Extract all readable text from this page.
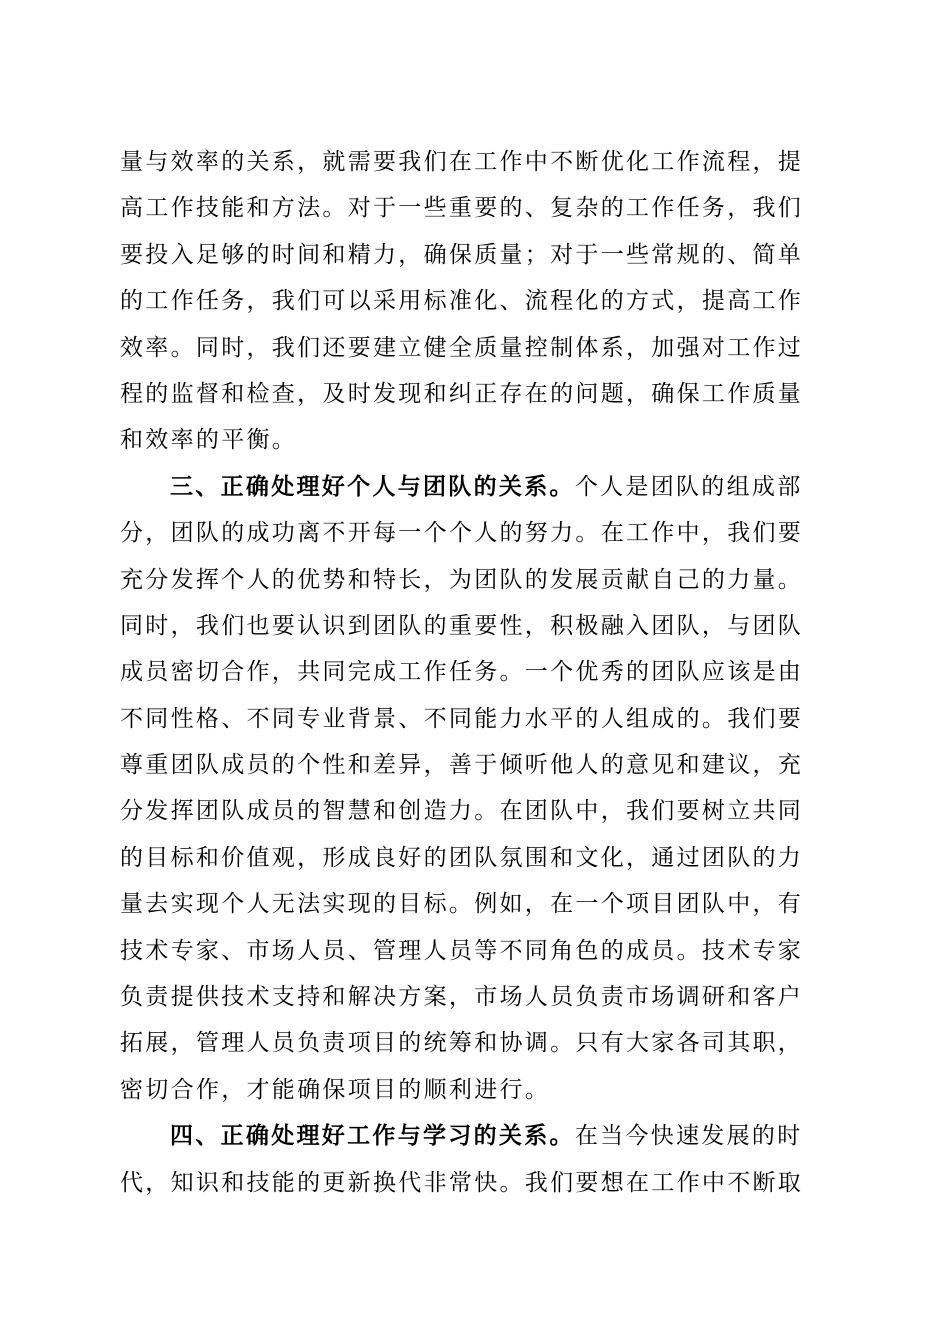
量与效率的关系，就需要我们在工作中不断优化工作流程，提
高工作技能和方法。对于一些重要的、复杂的工作任务，我们
要投入足够的时间和精力，确保质量；对于一些常规的、简单
的工作任务，我们可以采用标准化、流程化的方式，提高工作
效率。同时，我们还要建立健全质量控制体系，加强对工作过
程的监督和检查，及时发现和纠正存在的问题，确保工作质量
和效率的平衡。
三、正确处理好个人与团队的关系。个人是团队的组成部
分，团队的成功离不开每一个个人的努力。在工作中，我们要
充分发挥个人的优势和特长，为团队的发展贡献自己的力量。
同时，我们也要认识到团队的重要性，积极融入团队，与团队
成员密切合作，共同完成工作任务。一个优秀的团队应该是由
不同性格、不同专业背景、不同能力水平的人组成的。我们要
尊重团队成员的个性和差异，善于倾听他人的意见和建议，充
分发挥团队成员的智慧和创造力。在团队中，我们要树立共同
的目标和价值观，形成良好的团队氛围和文化，通过团队的力
量去实现个人无法实现的目标。例如，在一个项目团队中，有
技术专家、市场人员、管理人员等不同角色的成员。技术专家
负责提供技术支持和解决方案，市场人员负责市场调研和客户
拓展，管理人员负责项目的统筹和协调。只有大家各司其职，
密切合作，才能确保项目的顺利进行。
四、正确处理好工作与学习的关系。在当今快速发展的时
代，知识和技能的更新换代非常快。我们要想在工作中不断取
